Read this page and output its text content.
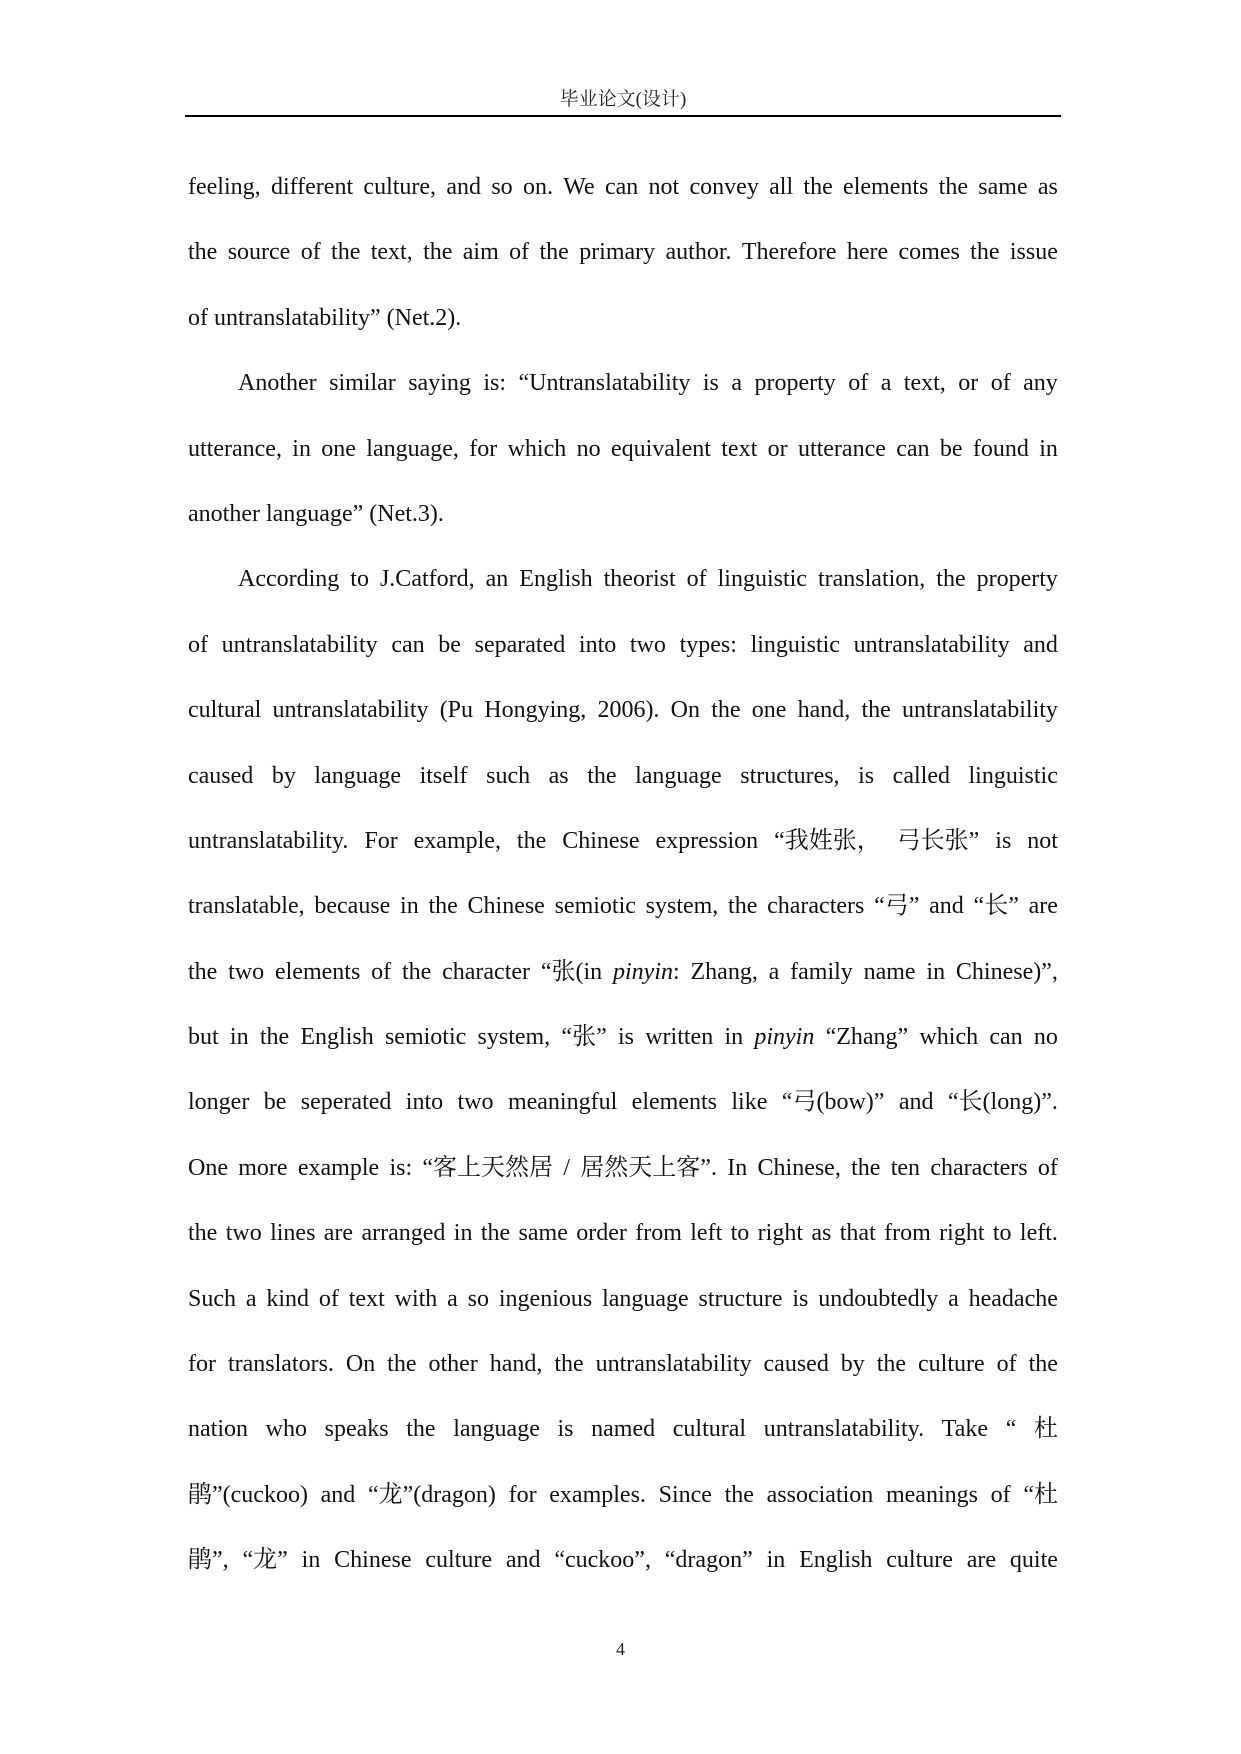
毕业论文(设计)
feeling, different culture, and so on. We can not convey all the elements the same as
the source of the text, the aim of the primary author. Therefore here comes the issue
of untranslatability” (Net.2).
Another similar saying is: “Untranslatability is a property of a text, or of any
utterance, in one language, for which no equivalent text or utterance can be found in
another language” (Net.3).
According to J.Catford, an English theorist of linguistic translation, the property
of untranslatability can be separated into two types: linguistic untranslatability and
cultural untranslatability (Pu Hongying, 2006). On the one hand, the untranslatability
caused by language itself such as the language structures, is called linguistic
untranslatability. For example, the Chinese expression “我姓张， 弓长张” is not
translatable, because in the Chinese semiotic system, the characters “弓” and “长” are
the two elements of the character “张(in pinyin: Zhang, a family name in Chinese)”,
but in the English semiotic system, “张” is written in pinyin “Zhang” which can no
longer be seperated into two meaningful elements like “弓(bow)” and “长(long)”.
One more example is: “客上天然居 / 居然天上客”. In Chinese, the ten characters of
the two lines are arranged in the same order from left to right as that from right to left.
Such a kind of text with a so ingenious language structure is undoubtedly a headache
for translators. On the other hand, the untranslatability caused by the culture of the
nation who speaks the language is named cultural untranslatability. Take “ 杜
鹃”(cuckoo) and “龙”(dragon) for examples. Since the association meanings of “杜
鹃”, “龙” in Chinese culture and “cuckoo”, “dragon” in English culture are quite
4
